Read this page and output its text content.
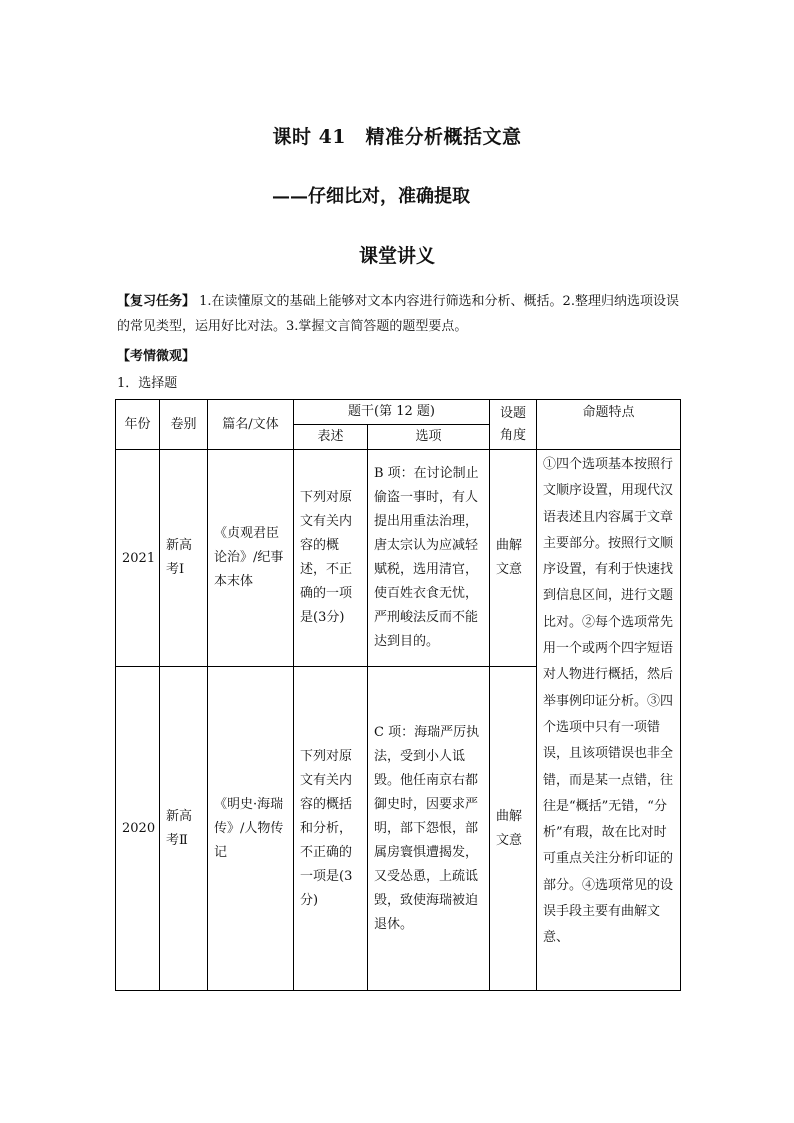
课时 41　精准分析概括文意
——仔细比对，准确提取
课堂讲义
【复习任务】 1.在读懂原文的基础上能够对文本内容进行筛选和分析、概括。2.整理归纳选项设误的常见类型，运用好比对法。3.掌握文言简答题的题型要点。
【考情微观】
1．选择题
年份	卷别	篇名/文体	题干(第 12 题)		设题角度	命题特点
			表述	选项		
2021	新高考Ⅰ	《贞观君臣论治》/纪事本末体	下列对原文有关内容的概述，不正确的一项是(3分)	B 项：在讨论制止偷盗一事时，有人提出用重法治理，唐太宗认为应减轻赋税，选用清官，使百姓衣食无忧，严刑峻法反而不能达到目的。	曲解文意	①四个选项基本按照行文顺序设置，用现代汉语表述且内容属于文章主要部分。按照行文顺序设置，有利于快速找到信息区间，进行文题比对。②每个选项常先用一个或两个四字短语对人物进行概括，然后举事例印证分析。③四个选项中只有一项错误，且该项错误也非全错，而是某一点错，往往是“概括”无错，“分析”有瑕，故在比对时可重点关注分析印证的部分。④选项常见的设误手段主要有曲解文意、
2020	新高考Ⅱ	《明史·海瑞传》/人物传记	下列对原文有关内容的概括和分析，不正确的一项是(3分)	C 项：海瑞严厉执法，受到小人诋毁。他任南京右都御史时，因要求严明，部下怨恨，部属房寰惧遭揭发，又受怂恿，上疏诋毁，致使海瑞被迫退休。	曲解文意	
